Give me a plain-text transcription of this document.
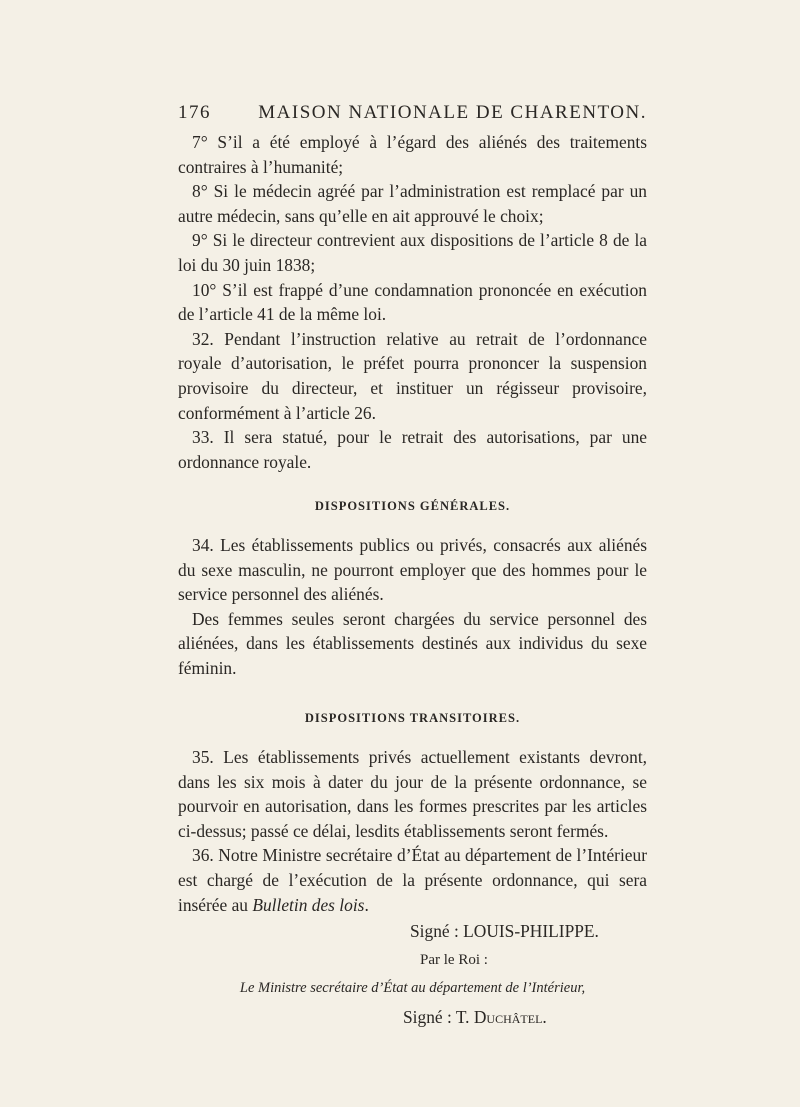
176 MAISON NATIONALE DE CHARENTON.

7° S’il a été employé à l’égard des aliénés des traitements contraires à l’humanité;

8° Si le médecin agréé par l’administration est remplacé par un autre médecin, sans qu’elle en ait approuvé le choix;

9° Si le directeur contrevient aux dispositions de l’article 8 de la loi du 30 juin 1838;

10° S’il est frappé d’une condamnation prononcée en exécution de l’article 41 de la même loi.

32. Pendant l’instruction relative au retrait de l’ordonnance royale d’autorisation, le préfet pourra prononcer la suspension provisoire du directeur, et instituer un régisseur provisoire, conformément à l’article 26.

33. Il sera statué, pour le retrait des autorisations, par une ordonnance royale.

DISPOSITIONS GÉNÉRALES.

34. Les établissements publics ou privés, consacrés aux aliénés du sexe masculin, ne pourront employer que des hommes pour le service personnel des aliénés.

Des femmes seules seront chargées du service personnel des aliénées, dans les établissements destinés aux individus du sexe féminin.

DISPOSITIONS TRANSITOIRES.

35. Les établissements privés actuellement existants devront, dans les six mois à dater du jour de la présente ordonnance, se pourvoir en autorisation, dans les formes prescrites par les articles ci-dessus; passé ce délai, lesdits établissements seront fermés.

36. Notre Ministre secrétaire d’État au département de l’Intérieur est chargé de l’exécution de la présente ordonnance, qui sera insérée au Bulletin des lois.

Signé : LOUIS-PHILIPPE.

Par le Roi :

Le Ministre secrétaire d’État au département de l’Intérieur,

Signé : T. Duchâtel.
